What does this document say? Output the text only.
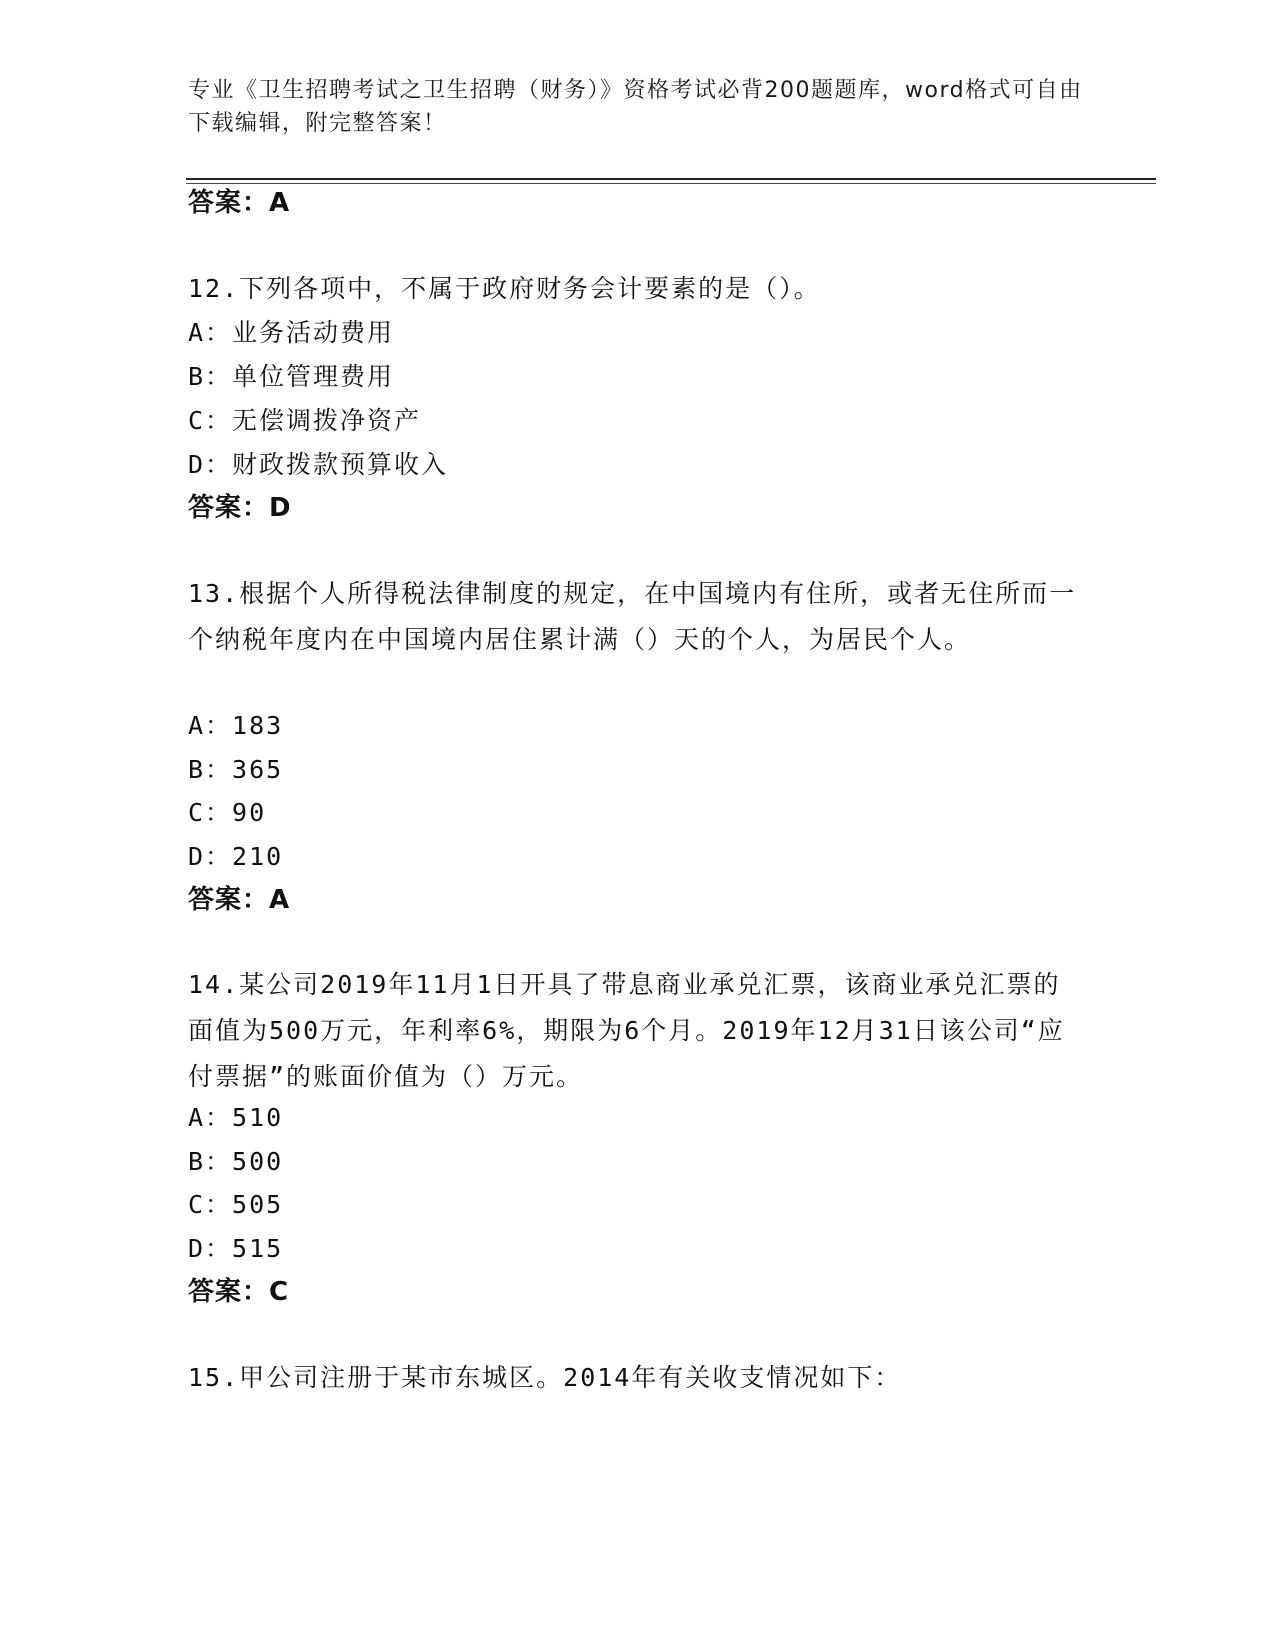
专业《卫生招聘考试之卫生招聘（财务）》资格考试必背200题题库，word格式可自由下载编辑，附完整答案！
答案：A
12.下列各项中，不属于政府财务会计要素的是（）。
A：业务活动费用
B：单位管理费用
C：无偿调拨净资产
D：财政拨款预算收入
答案：D
13.根据个人所得税法律制度的规定，在中国境内有住所，或者无住所而一个纳税年度内在中国境内居住累计满（）天的个人，为居民个人。
A：183
B：365
C：90
D：210
答案：A
14.某公司2019年11月1日开具了带息商业承兑汇票，该商业承兑汇票的面值为500万元，年利率6%，期限为6个月。2019年12月31日该公司“应付票据”的账面价值为（）万元。
A：510
B：500
C：505
D：515
答案：C
15.甲公司注册于某市东城区。2014年有关收支情况如下：
